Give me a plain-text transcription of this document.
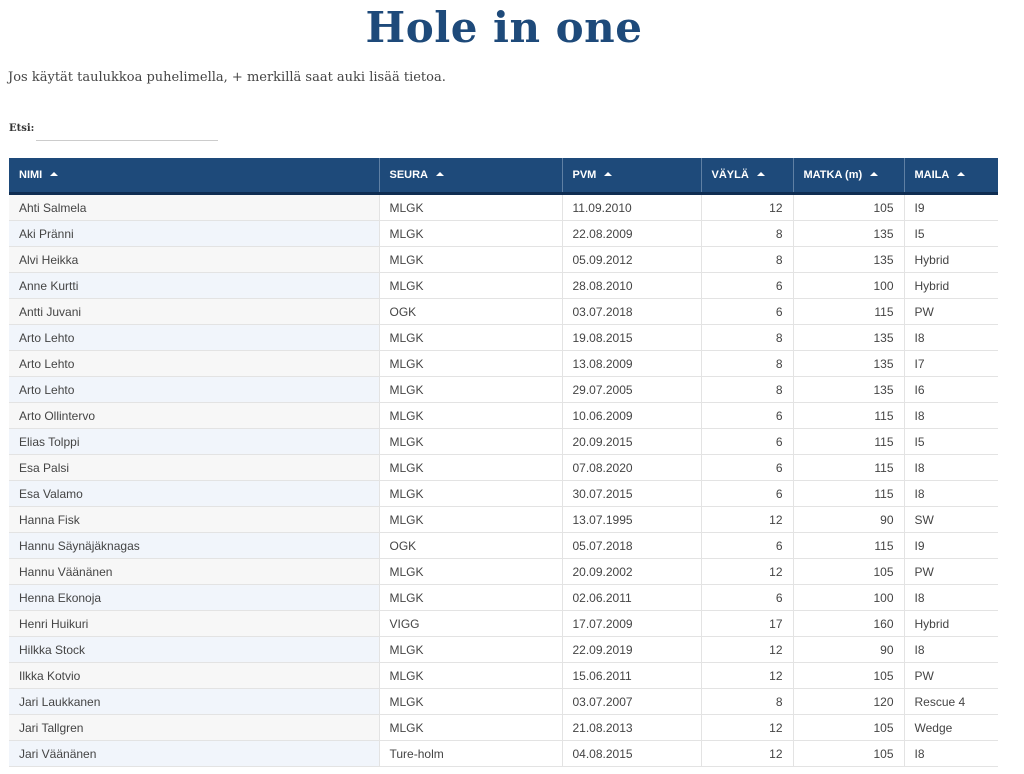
Hole in one

Jos käytät taulukkoa puhelimella, + merkillä saat auki lisää tietoa.

Etsi:
NIMI	SEURA	PVM	VÄYLÄ	MATKA (m)	MAILA
Ahti Salmela	MLGK	11.09.2010	12	105	I9
Aki Pränni	MLGK	22.08.2009	8	135	I5
Alvi Heikka	MLGK	05.09.2012	8	135	Hybrid
Anne Kurtti	MLGK	28.08.2010	6	100	Hybrid
Antti Juvani	OGK	03.07.2018	6	115	PW
Arto Lehto	MLGK	19.08.2015	8	135	I8
Arto Lehto	MLGK	13.08.2009	8	135	I7
Arto Lehto	MLGK	29.07.2005	8	135	I6
Arto Ollintervo	MLGK	10.06.2009	6	115	I8
Elias Tolppi	MLGK	20.09.2015	6	115	I5
Esa Palsi	MLGK	07.08.2020	6	115	I8
Esa Valamo	MLGK	30.07.2015	6	115	I8
Hanna Fisk	MLGK	13.07.1995	12	90	SW
Hannu Säynäjäknagas	OGK	05.07.2018	6	115	I9
Hannu Väänänen	MLGK	20.09.2002	12	105	PW
Henna Ekonoja	MLGK	02.06.2011	6	100	I8
Henri Huikuri	VIGG	17.07.2009	17	160	Hybrid
Hilkka Stock	MLGK	22.09.2019	12	90	I8
Ilkka Kotvio	MLGK	15.06.2011	12	105	PW
Jari Laukkanen	MLGK	03.07.2007	8	120	Rescue 4
Jari Tallgren	MLGK	21.08.2013	12	105	Wedge
Jari Väänänen	Ture-holm	04.08.2015	12	105	I8
